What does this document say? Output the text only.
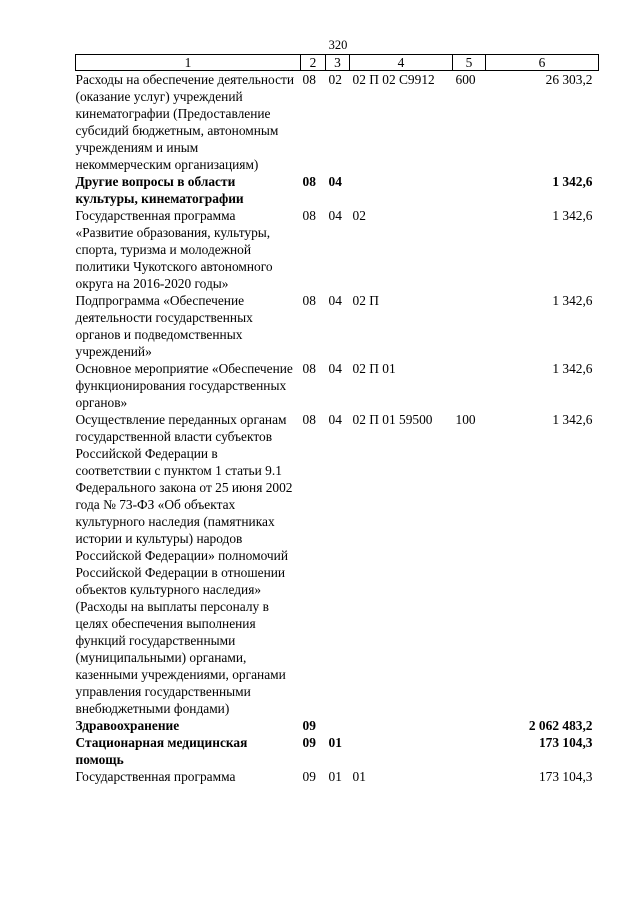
320
1	2	3	4	5	6
Расходы на обеспечение деятельности (оказание услуг) учреждений кинематографии (Предоставление субсидий бюджетным, автономным учреждениям и иным некоммерческим организациям)	08	02	02 П 02 С9912	600	26 303,2
Другие вопросы в области культуры, кинематографии	08	04			1 342,6
Государственная программа «Развитие образования, культуры, спорта, туризма и молодежной политики Чукотского автономного округа на 2016-2020 годы»	08	04	02		1 342,6
Подпрограмма «Обеспечение деятельности государственных органов и подведомственных учреждений»	08	04	02 П		1 342,6
Основное мероприятие «Обеспечение функционирования государственных органов»	08	04	02 П 01		1 342,6
Осуществление переданных органам государственной власти субъектов Российской Федерации в соответствии с пунктом 1 статьи 9.1 Федерального закона от 25 июня 2002 года № 73-ФЗ «Об объектах культурного наследия (памятниках истории и культуры) народов Российской Федерации» полномочий Российской Федерации в отношении объектов культурного наследия» (Расходы на выплаты персоналу в целях обеспечения выполнения функций государственными (муниципальными) органами, казенными учреждениями, органами управления государственными внебюджетными фондами)	08	04	02 П 01 59500	100	1 342,6
Здравоохранение	09				2 062 483,2
Стационарная медицинская помощь	09	01			173 104,3
Государственная программа	09	01	01		173 104,3
